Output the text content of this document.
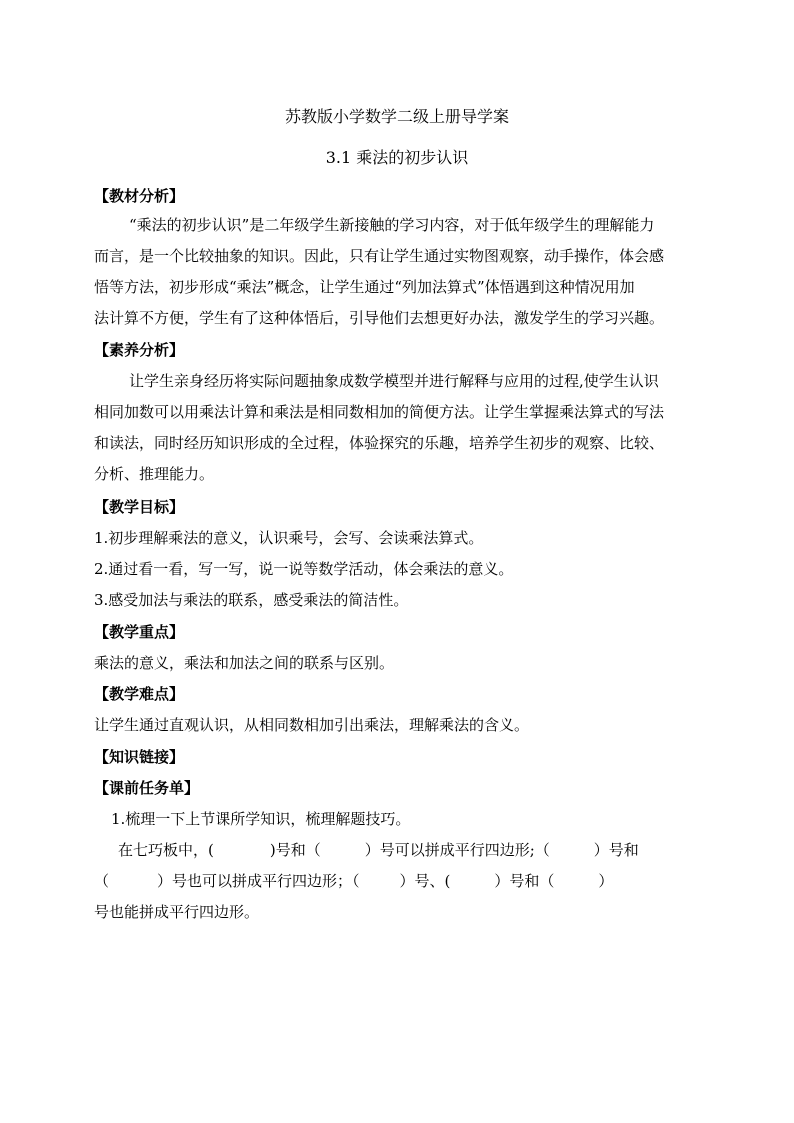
苏教版小学数学二级上册导学案
3.1 乘法的初步认识
【教材分析】
“乘法的初步认识”是二年级学生新接触的学习内容，对于低年级学生的理解能力
而言，是一个比较抽象的知识。因此，只有让学生通过实物图观察，动手操作，体会感
悟等方法，初步形成“乘法”概念，让学生通过“列加法算式”体悟遇到这种情况用加
法计算不方便，学生有了这种体悟后，引导他们去想更好办法，激发学生的学习兴趣。
【素养分析】
让学生亲身经历将实际问题抽象成数学模型并进行解释与应用的过程,使学生认识
相同加数可以用乘法计算和乘法是相同数相加的简便方法。让学生掌握乘法算式的写法
和读法，同时经历知识形成的全过程，体验探究的乐趣，培养学生初步的观察、比较、
分析、推理能力。
【教学目标】
1.初步理解乘法的意义，认识乘号，会写、会读乘法算式。
2.通过看一看，写一写，说一说等数学活动，体会乘法的意义。
3.感受加法与乘法的联系，感受乘法的简洁性。
【教学重点】
乘法的意义，乘法和加法之间的联系与区别。
【教学难点】
让学生通过直观认识，从相同数相加引出乘法，理解乘法的含义。
【知识链接】
【课前任务单】
1.梳理一下上节课所学知识，梳理解题技巧。
在七巧板中，(	)号和（	）号可以拼成平行四边形;（	）号和
（	）号也可以拼成平行四边形；（	）号、(	）号和（	）
号也能拼成平行四边形。
